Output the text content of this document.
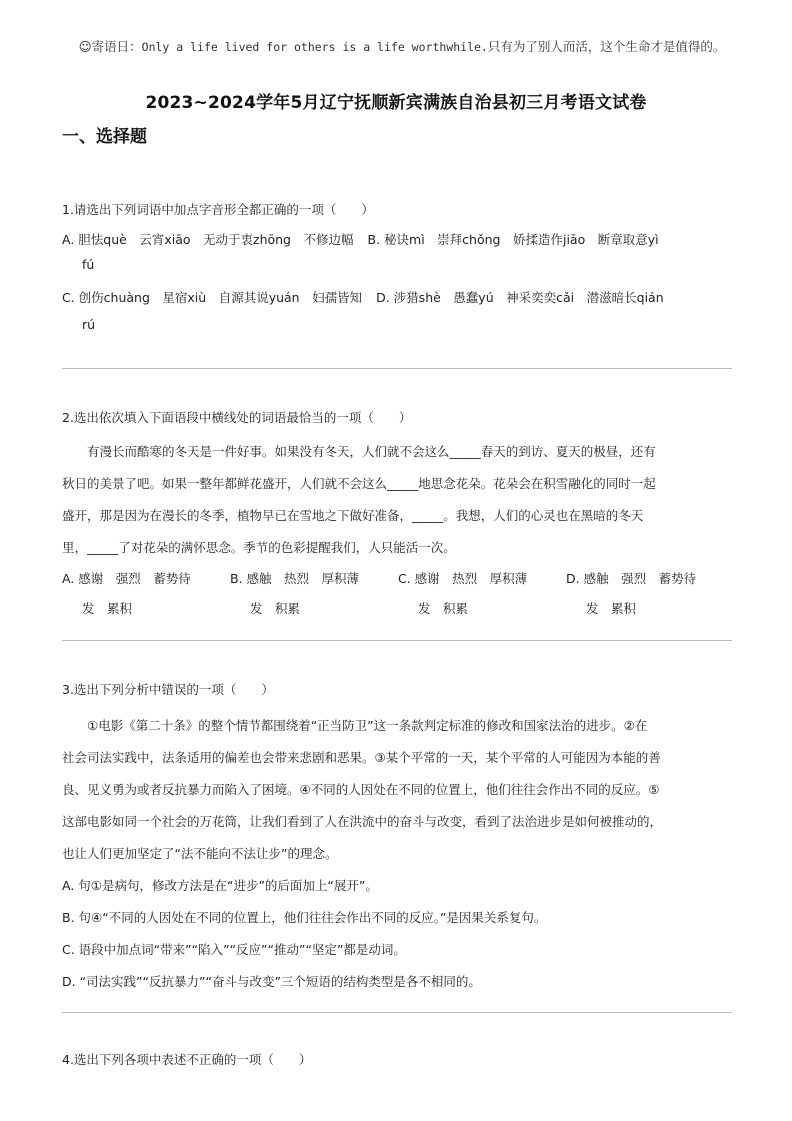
☺寄语日：Only a life lived for others is a life worthwhile.只有为了别人而活，这个生命才是值得的。
2023~2024学年5月辽宁抚顺新宾满族自治县初三月考语文试卷
一、选择题
1.请选出下列词语中加点字音形全都正确的一项（　　）
A. 胆怯què　云宵xiāo　无动于衷zhōng　不修边幅 B. 秘诀mì　崇拜chǒng　娇揉造作jiāo　断章取意yì
fú
C. 创伤chuàng　星宿xiù　自源其说yuán　妇孺皆知 D. 涉猎shè　愚蠢yú　神采奕奕cǎi　潜滋暗长qián
rú
2.选出依次填入下面语段中横线处的词语最恰当的一项（　　）
有漫长而酷寒的冬天是一件好事。如果没有冬天，人们就不会这么_____春天的到访、夏天的极昼，还有
秋日的美景了吧。如果一整年都鲜花盛开，人们就不会这么_____地思念花朵。花朵会在积雪融化的同时一起
盛开，那是因为在漫长的冬季，植物早已在雪地之下做好准备，_____。我想，人们的心灵也在黑暗的冬天
里，_____了对花朵的满怀思念。季节的色彩提醒我们，人只能活一次。
A. 感谢　强烈　蓄势待	B. 感触　热烈　厚积薄	C. 感谢　热烈　厚积薄	D. 感触　强烈　蓄势待
发　累积	发　积累	发　积累	发　累积
3.选出下列分析中错误的一项（　　）
①电影《第二十条》的整个情节都围绕着“正当防卫”这一条款判定标准的修改和国家法治的进步。②在
社会司法实践中，法条适用的偏差也会带来悲剧和恶果。③某个平常的一天，某个平常的人可能因为本能的善
良、见义勇为或者反抗暴力而陷入了困境。④不同的人因处在不同的位置上，他们往往会作出不同的反应。⑤
这部电影如同一个社会的万花筒，让我们看到了人在洪流中的奋斗与改变，看到了法治进步是如何被推动的，
也让人们更加坚定了“法不能向不法让步”的理念。
A. 句①是病句，修改方法是在“进步”的后面加上“展开”。
B. 句④“不同的人因处在不同的位置上，他们往往会作出不同的反应。”是因果关系复句。
C. 语段中加点词“带来”“陷入”“反应”“推动”“坚定”都是动词。
D. “司法实践”“反抗暴力”“奋斗与改变”三个短语的结构类型是各不相同的。
4.选出下列各项中表述不正确的一项（　　）
